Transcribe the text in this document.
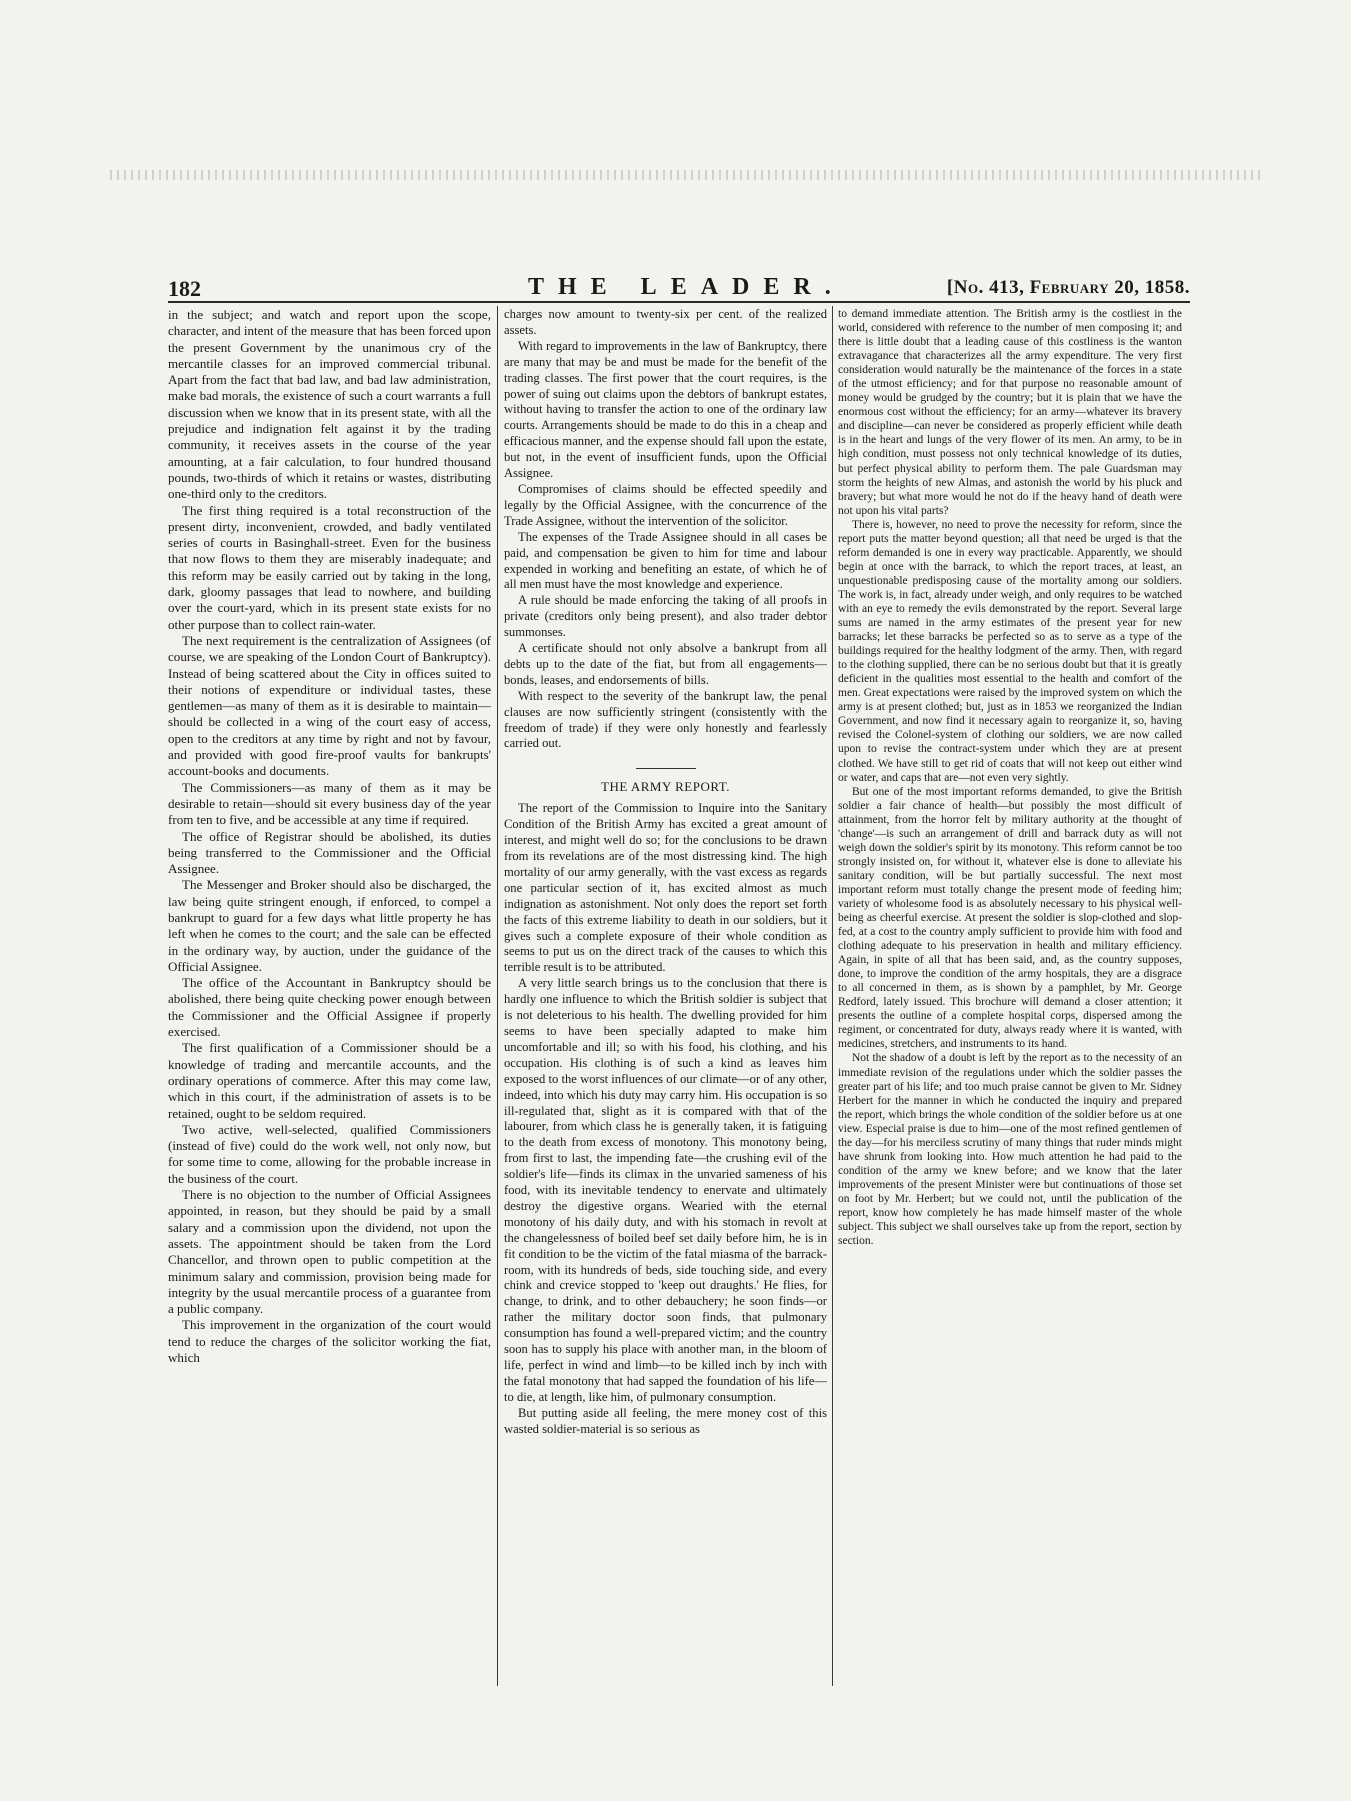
182	THE LEADER.	[No. 413, February 20, 1858.

in the subject; and watch and report upon the scope, character, and intent of the measure that has been forced upon the present Government by the unanimous cry of the mercantile classes for an improved commercial tribunal. Apart from the fact that bad law, and bad law administration, make bad morals, the existence of such a court warrants a full discussion when we know that in its present state, with all the prejudice and indignation felt against it by the trading community, it receives assets in the course of the year amounting, at a fair calculation, to four hundred thousand pounds, two-thirds of which it retains or wastes, distributing one-third only to the creditors.

The first thing required is a total reconstruction of the present dirty, inconvenient, crowded, and badly ventilated series of courts in Basinghall-street. Even for the business that now flows to them they are miserably inadequate; and this reform may be easily carried out by taking in the long, dark, gloomy passages that lead to nowhere, and building over the court-yard, which in its present state exists for no other purpose than to collect rain-water.

The next requirement is the centralization of Assignees (of course, we are speaking of the London Court of Bankruptcy). Instead of being scattered about the City in offices suited to their notions of expenditure or individual tastes, these gentlemen—as many of them as it is desirable to maintain—should be collected in a wing of the court easy of access, open to the creditors at any time by right and not by favour, and provided with good fire-proof vaults for bankrupts' account-books and documents.

The Commissioners—as many of them as it may be desirable to retain—should sit every business day of the year from ten to five, and be accessible at any time if required.

The office of Registrar should be abolished, its duties being transferred to the Commissioner and the Official Assignee.

The Messenger and Broker should also be discharged, the law being quite stringent enough, if enforced, to compel a bankrupt to guard for a few days what little property he has left when he comes to the court; and the sale can be effected in the ordinary way, by auction, under the guidance of the Official Assignee.

The office of the Accountant in Bankruptcy should be abolished, there being quite checking power enough between the Commissioner and the Official Assignee if properly exercised.

The first qualification of a Commissioner should be a knowledge of trading and mercantile accounts, and the ordinary operations of commerce. After this may come law, which in this court, if the administration of assets is to be retained, ought to be seldom required.

Two active, well-selected, qualified Commissioners (instead of five) could do the work well, not only now, but for some time to come, allowing for the probable increase in the business of the court.

There is no objection to the number of Official Assignees appointed, in reason, but they should be paid by a small salary and a commission upon the dividend, not upon the assets. The appointment should be taken from the Lord Chancellor, and thrown open to public competition at the minimum salary and commission, provision being made for integrity by the usual mercantile process of a guarantee from a public company.

This improvement in the organization of the court would tend to reduce the charges of the solicitor working the fiat, which

charges now amount to twenty-six per cent. of the realized assets.

With regard to improvements in the law of Bankruptcy, there are many that may be and must be made for the benefit of the trading classes. The first power that the court requires, is the power of suing out claims upon the debtors of bankrupt estates, without having to transfer the action to one of the ordinary law courts. Arrangements should be made to do this in a cheap and efficacious manner, and the expense should fall upon the estate, but not, in the event of insufficient funds, upon the Official Assignee.

Compromises of claims should be effected speedily and legally by the Official Assignee, with the concurrence of the Trade Assignee, without the intervention of the solicitor.

The expenses of the Trade Assignee should in all cases be paid, and compensation be given to him for time and labour expended in working and benefiting an estate, of which he of all men must have the most knowledge and experience.

A rule should be made enforcing the taking of all proofs in private (creditors only being present), and also trader debtor summonses.

A certificate should not only absolve a bankrupt from all debts up to the date of the fiat, but from all engagements—bonds, leases, and endorsements of bills.

With respect to the severity of the bankrupt law, the penal clauses are now sufficiently stringent (consistently with the freedom of trade) if they were only honestly and fearlessly carried out.

THE ARMY REPORT.

The report of the Commission to Inquire into the Sanitary Condition of the British Army has excited a great amount of interest, and might well do so; for the conclusions to be drawn from its revelations are of the most distressing kind. The high mortality of our army generally, with the vast excess as regards one particular section of it, has excited almost as much indignation as astonishment. Not only does the report set forth the facts of this extreme liability to death in our soldiers, but it gives such a complete exposure of their whole condition as seems to put us on the direct track of the causes to which this terrible result is to be attributed.

A very little search brings us to the conclusion that there is hardly one influence to which the British soldier is subject that is not deleterious to his health. The dwelling provided for him seems to have been specially adapted to make him uncomfortable and ill; so with his food, his clothing, and his occupation. His clothing is of such a kind as leaves him exposed to the worst influences of our climate—or of any other, indeed, into which his duty may carry him. His occupation is so ill-regulated that, slight as it is compared with that of the labourer, from which class he is generally taken, it is fatiguing to the death from excess of monotony. This monotony being, from first to last, the impending fate—the crushing evil of the soldier's life—finds its climax in the unvaried sameness of his food, with its inevitable tendency to enervate and ultimately destroy the digestive organs. Wearied with the eternal monotony of his daily duty, and with his stomach in revolt at the changelessness of boiled beef set daily before him, he is in fit condition to be the victim of the fatal miasma of the barrack-room, with its hundreds of beds, side touching side, and every chink and crevice stopped to 'keep out draughts.' He flies, for change, to drink, and to other debauchery; he soon finds—or rather the military doctor soon finds, that pulmonary consumption has found a well-prepared victim; and the country soon has to supply his place with another man, in the bloom of life, perfect in wind and limb—to be killed inch by inch with the fatal monotony that had sapped the foundation of his life—to die, at length, like him, of pulmonary consumption.

But putting aside all feeling, the mere money cost of this wasted soldier-material is so serious as

to demand immediate attention. The British army is the costliest in the world, considered with reference to the number of men composing it; and there is little doubt that a leading cause of this costliness is the wanton extravagance that characterizes all the army expenditure. The very first consideration would naturally be the maintenance of the forces in a state of the utmost efficiency; and for that purpose no reasonable amount of money would be grudged by the country; but it is plain that we have the enormous cost without the efficiency; for an army—whatever its bravery and discipline—can never be considered as properly efficient while death is in the heart and lungs of the very flower of its men. An army, to be in high condition, must possess not only technical knowledge of its duties, but perfect physical ability to perform them. The pale Guardsman may storm the heights of new Almas, and astonish the world by his pluck and bravery; but what more would he not do if the heavy hand of death were not upon his vital parts?

There is, however, no need to prove the necessity for reform, since the report puts the matter beyond question; all that need be urged is that the reform demanded is one in every way practicable. Apparently, we should begin at once with the barrack, to which the report traces, at least, an unquestionable predisposing cause of the mortality among our soldiers. The work is, in fact, already under weigh, and only requires to be watched with an eye to remedy the evils demonstrated by the report. Several large sums are named in the army estimates of the present year for new barracks; let these barracks be perfected so as to serve as a type of the buildings required for the healthy lodgment of the army. Then, with regard to the clothing supplied, there can be no serious doubt but that it is greatly deficient in the qualities most essential to the health and comfort of the men. Great expectations were raised by the improved system on which the army is at present clothed; but, just as in 1853 we reorganized the Indian Government, and now find it necessary again to reorganize it, so, having revised the Colonel-system of clothing our soldiers, we are now called upon to revise the contract-system under which they are at present clothed. We have still to get rid of coats that will not keep out either wind or water, and caps that are—not even very sightly.

But one of the most important reforms demanded, to give the British soldier a fair chance of health—but possibly the most difficult of attainment, from the horror felt by military authority at the thought of 'change'—is such an arrangement of drill and barrack duty as will not weigh down the soldier's spirit by its monotony. This reform cannot be too strongly insisted on, for without it, whatever else is done to alleviate his sanitary condition, will be but partially successful. The next most important reform must totally change the present mode of feeding him; variety of wholesome food is as absolutely necessary to his physical well-being as cheerful exercise. At present the soldier is slop-clothed and slop-fed, at a cost to the country amply sufficient to provide him with food and clothing adequate to his preservation in health and military efficiency. Again, in spite of all that has been said, and, as the country supposes, done, to improve the condition of the army hospitals, they are a disgrace to all concerned in them, as is shown by a pamphlet, by Mr. George Redford, lately issued. This brochure will demand a closer attention; it presents the outline of a complete hospital corps, dispersed among the regiment, or concentrated for duty, always ready where it is wanted, with medicines, stretchers, and instruments to its hand.

Not the shadow of a doubt is left by the report as to the necessity of an immediate revision of the regulations under which the soldier passes the greater part of his life; and too much praise cannot be given to Mr. Sidney Herbert for the manner in which he conducted the inquiry and prepared the report, which brings the whole condition of the soldier before us at one view. Especial praise is due to him—one of the most refined gentlemen of the day—for his merciless scrutiny of many things that ruder minds might have shrunk from looking into. How much attention he had paid to the condition of the army we knew before; and we know that the later improvements of the present Minister were but continuations of those set on foot by Mr. Herbert; but we could not, until the publication of the report, know how completely he has made himself master of the whole subject. This subject we shall ourselves take up from the report, section by section.
